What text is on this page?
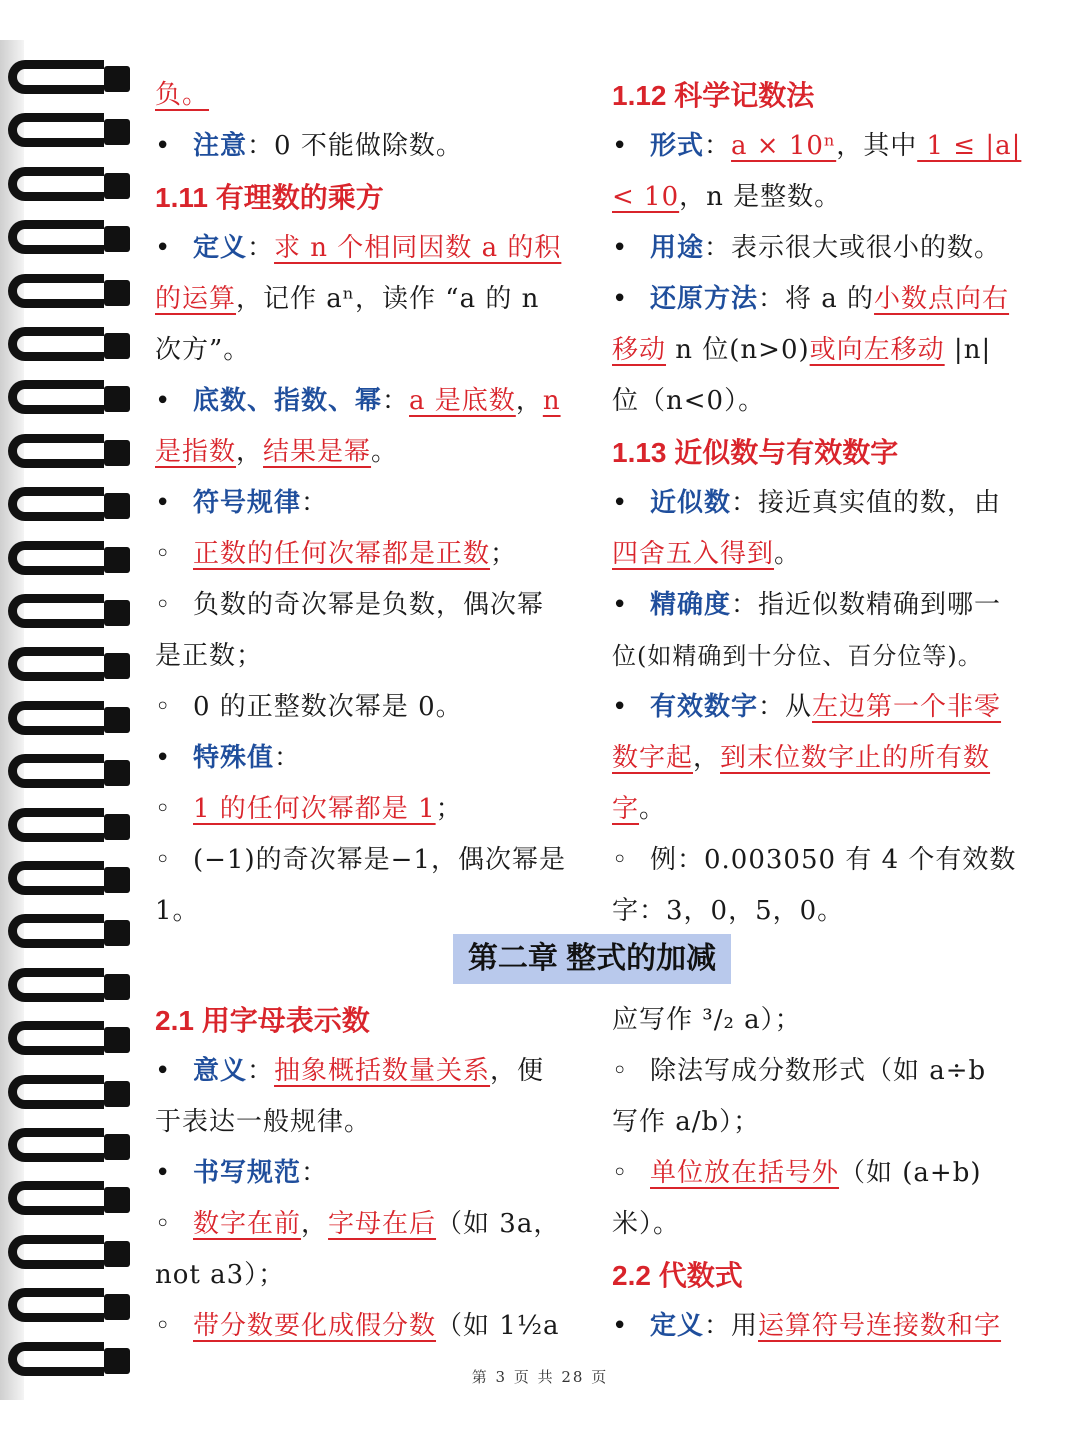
负。
• 注意：0 不能做除数。
1.11 有理数的乘方
• 定义：求 n 个相同因数 a 的积
的运算，记作 aⁿ，读作 “a 的 n
次方”。
• 底数、指数、幂：a 是底数，n
是指数，结果是幂。
• 符号规律：
◦ 正数的任何次幂都是正数；
◦ 负数的奇次幂是负数，偶次幂
是正数；
◦ 0 的正整数次幂是 0。
• 特殊值：
◦ 1 的任何次幂都是 1；
◦ (−1)的奇次幂是−1，偶次幂是
1。
1.12 科学记数法
• 形式：a × 10ⁿ，其中 1 ≤ |a|
< 10，n 是整数。
• 用途：表示很大或很小的数。
• 还原方法：将 a 的小数点向右
移动 n 位(n>0)或向左移动 |n|
位（n<0）。
1.13 近似数与有效数字
• 近似数：接近真实值的数，由
四舍五入得到。
• 精确度：指近似数精确到哪一
位(如精确到十分位、百分位等)。
• 有效数字：从左边第一个非零
数字起，到末位数字止的所有数
字。
◦ 例：0.003050 有 4 个有效数
字：3，0，5，0。
第二章 整式的加减
2.1 用字母表示数
• 意义：抽象概括数量关系，便
于表达一般规律。
• 书写规范：
◦ 数字在前，字母在后（如 3a，
not a3）；
◦ 带分数要化成假分数（如 1½a
应写作 ³/₂ a）；
◦ 除法写成分数形式（如 a÷b
写作 a/b）；
◦ 单位放在括号外（如 (a+b)
米）。
2.2 代数式
• 定义：用运算符号连接数和字
第 3 页 共 28 页
